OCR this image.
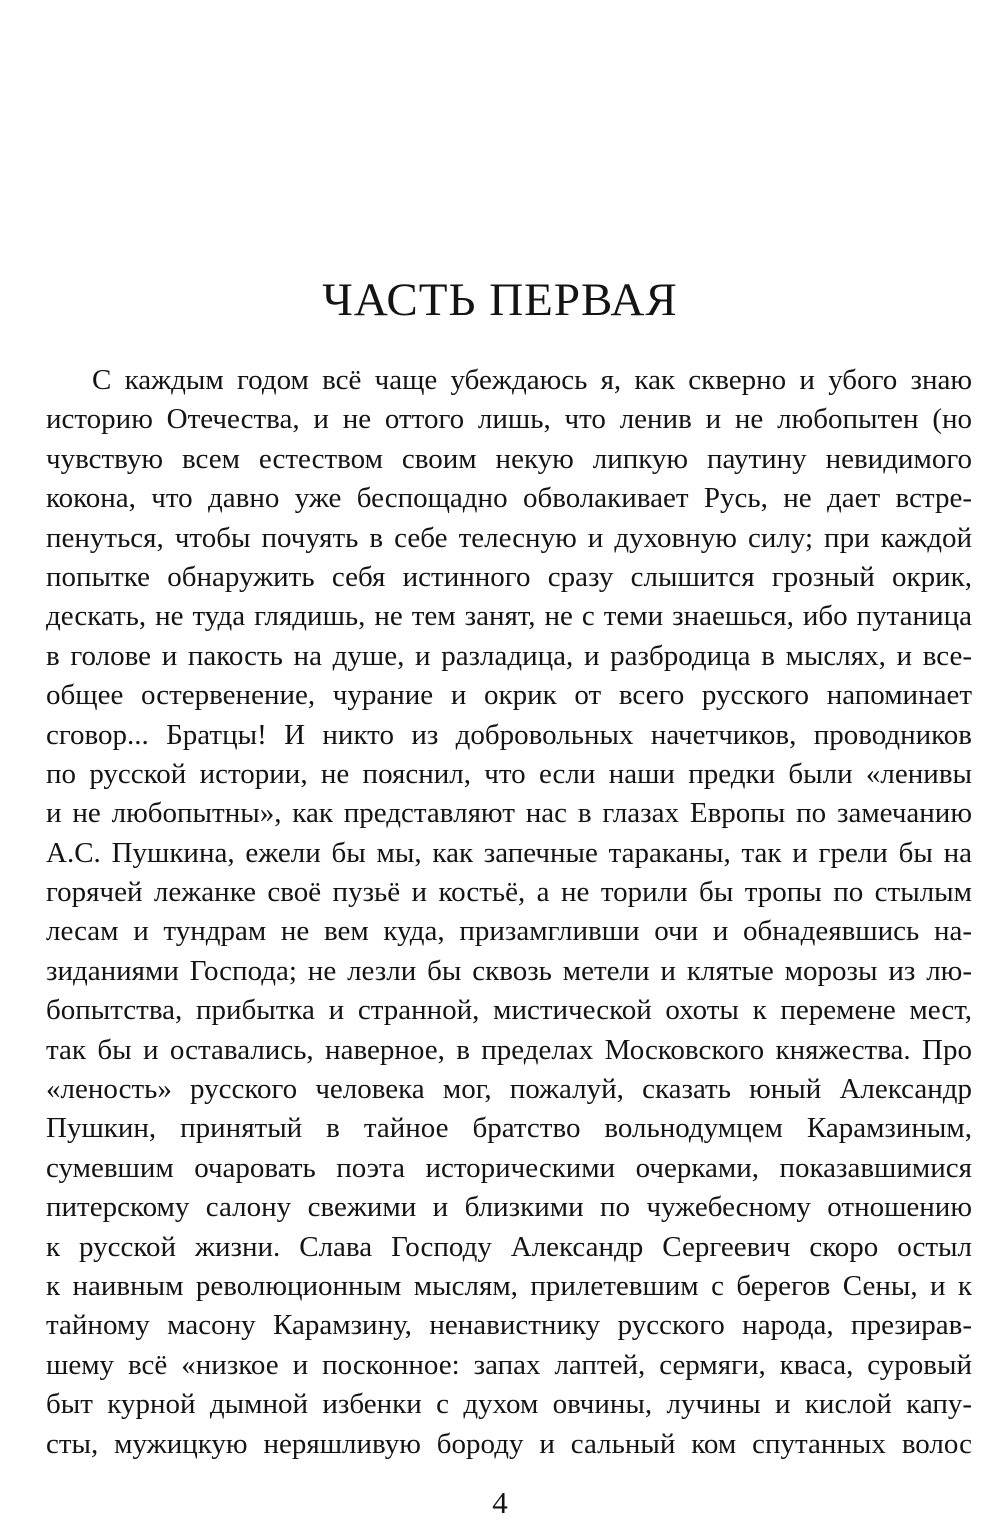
ЧАСТЬ ПЕРВАЯ
С каждым годом всё чаще убеждаюсь я, как скверно и убого знаю
историю Отечества, и не оттого лишь, что ленив и не любопытен (но
чувствую всем естеством своим некую липкую паутину невидимого
кокона, что давно уже беспощадно обволакивает Русь, не дает встре-
пенуться, чтобы почуять в себе телесную и духовную силу; при каждой
попытке обнаружить себя истинного сразу слышится грозный окрик,
дескать, не туда глядишь, не тем занят, не с теми знаешься, ибо путаница
в голове и пакость на душе, и разладица, и разбродица в мыслях, и все-
общее остервенение, чурание и окрик от всего русского напоминает
сговор... Братцы! И никто из добровольных начетчиков, проводников
по русской истории, не пояснил, что если наши предки были «ленивы
и не любопытны», как представляют нас в глазах Европы по замечанию
А.С. Пушкина, ежели бы мы, как запечные тараканы, так и грели бы на
горячей лежанке своё пузьё и костьё, а не торили бы тропы по стылым
лесам и тундрам не вем куда, призамгливши очи и обнадеявшись на-
зиданиями Господа; не лезли бы сквозь метели и клятые морозы из лю-
бопытства, прибытка и странной, мистической охоты к перемене мест,
так бы и оставались, наверное, в пределах Московского княжества. Про
«леность» русского человека мог, пожалуй, сказать юный Александр
Пушкин, принятый в тайное братство вольнодумцем Карамзиным,
сумевшим очаровать поэта историческими очерками, показавшимися
питерскому салону свежими и близкими по чужебесному отношению
к русской жизни. Слава Господу Александр Сергеевич скоро остыл
к наивным революционным мыслям, прилетевшим с берегов Сены, и к
тайному масону Карамзину, ненавистнику русского народа, презирав-
шему всё «низкое и посконное: запах лаптей, сермяги, кваса, суровый
быт курной дымной избенки с духом овчины, лучины и кислой капу-
сты, мужицкую неряшливую бороду и сальный ком спутанных волос
4
